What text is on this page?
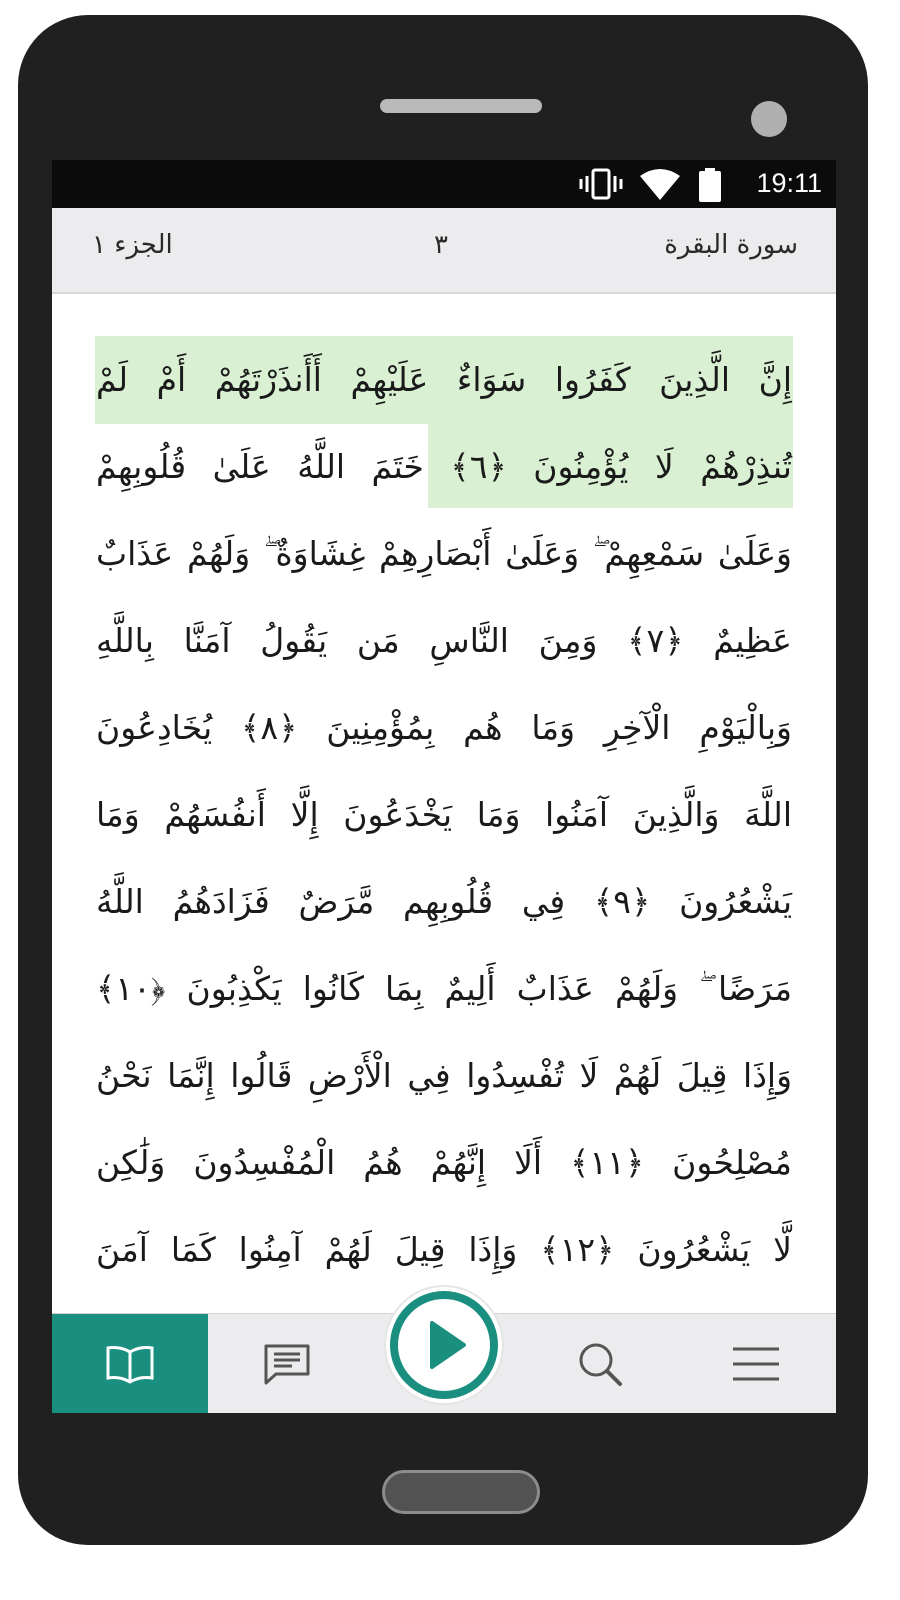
19:11
سورة البقرة
٣
الجزء ١
إِنَّ الَّذِينَ كَفَرُوا سَوَاءٌ عَلَيْهِمْ أَأَنذَرْتَهُمْ أَمْ لَمْ
تُنذِرْهُمْ لَا يُؤْمِنُونَ ﴿٦﴾ خَتَمَ اللَّهُ عَلَىٰ قُلُوبِهِمْ
وَعَلَىٰ سَمْعِهِمْ ۖ وَعَلَىٰ أَبْصَارِهِمْ غِشَاوَةٌ ۖ وَلَهُمْ عَذَابٌ
عَظِيمٌ ﴿٧﴾ وَمِنَ النَّاسِ مَن يَقُولُ آمَنَّا بِاللَّهِ
وَبِالْيَوْمِ الْآخِرِ وَمَا هُم بِمُؤْمِنِينَ ﴿٨﴾ يُخَادِعُونَ
اللَّهَ وَالَّذِينَ آمَنُوا وَمَا يَخْدَعُونَ إِلَّا أَنفُسَهُمْ وَمَا
يَشْعُرُونَ ﴿٩﴾ فِي قُلُوبِهِم مَّرَضٌ فَزَادَهُمُ اللَّهُ
مَرَضًا ۖ وَلَهُمْ عَذَابٌ أَلِيمٌ بِمَا كَانُوا يَكْذِبُونَ ﴿١٠﴾
وَإِذَا قِيلَ لَهُمْ لَا تُفْسِدُوا فِي الْأَرْضِ قَالُوا إِنَّمَا نَحْنُ
مُصْلِحُونَ ﴿١١﴾ أَلَا إِنَّهُمْ هُمُ الْمُفْسِدُونَ وَلَٰكِن
لَّا يَشْعُرُونَ ﴿١٢﴾ وَإِذَا قِيلَ لَهُمْ آمِنُوا كَمَا آمَنَ
